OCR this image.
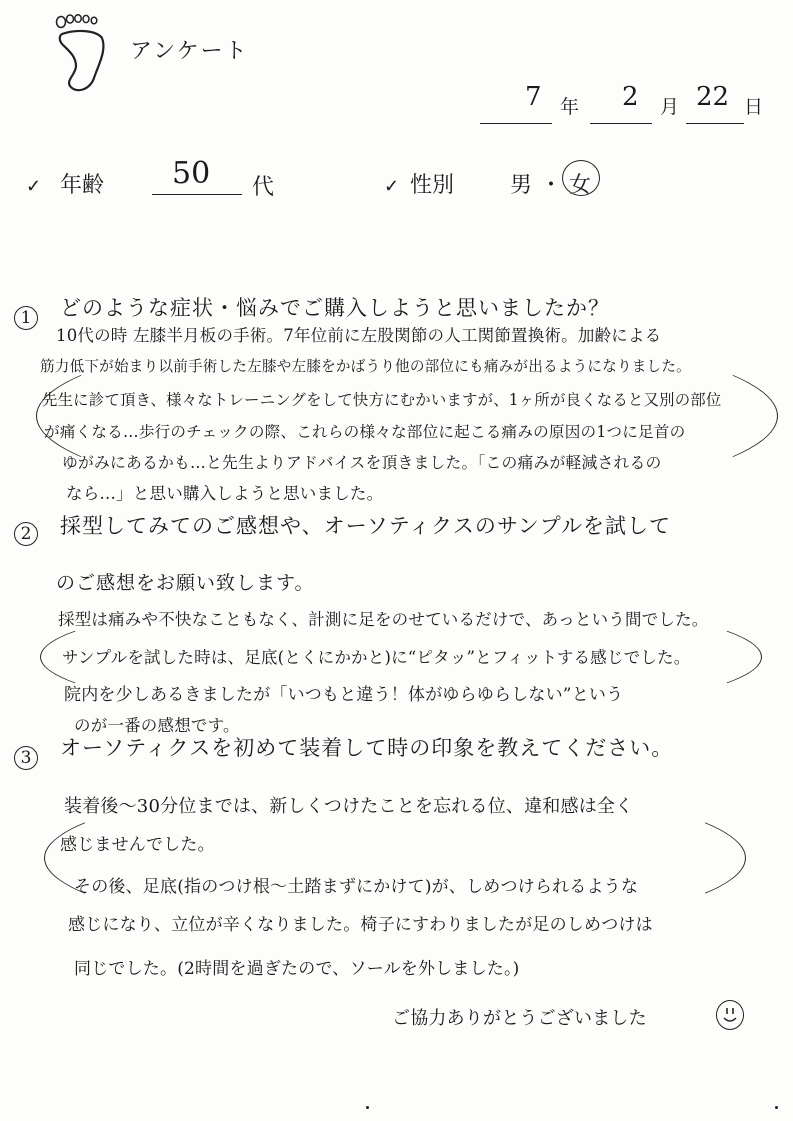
アンケート
7 年 2 月 22 日
✓ 年齢 50 代	✓ 性別	男 ・ 女
1	どのような症状・悩みでご購入しようと思いましたか？
10代の時 左膝半月板の手術。7年位前に左股関節の人工関節置換術。加齢による
筋力低下が始まり以前手術した左膝や左膝をかばうり他の部位にも痛みが出るようになりました。
先生に診て頂き、様々なトレーニングをして快方にむかいますが、1ヶ所が良くなると又別の部位
が痛くなる…歩行のチェックの際、これらの様々な部位に起こる痛みの原因の1つに足首の
ゆがみにあるかも…と先生よりアドバイスを頂きました。「この痛みが軽減されるの
なら…」と思い購入しようと思いました。
2	採型してみてのご感想や、オーソティクスのサンプルを試して
のご感想をお願い致します。
採型は痛みや不快なこともなく、計測に足をのせているだけで、あっという間でした。
サンプルを試した時は、足底(とくにかかと)に“ピタッ”とフィットする感じでした。
院内を少しあるきましたが「いつもと違う！体がゆらゆらしない”という
のが一番の感想です。
3	オーソティクスを初めて装着して時の印象を教えてください。
装着後〜30分位までは、新しくつけたことを忘れる位、違和感は全く
感じませんでした。
その後、足底(指のつけ根〜土踏まずにかけて)が、しめつけられるような
感じになり、立位が辛くなりました。椅子にすわりましたが足のしめつけは
同じでした。(2時間を過ぎたので、ソールを外しました。)
ご協力ありがとうございました
